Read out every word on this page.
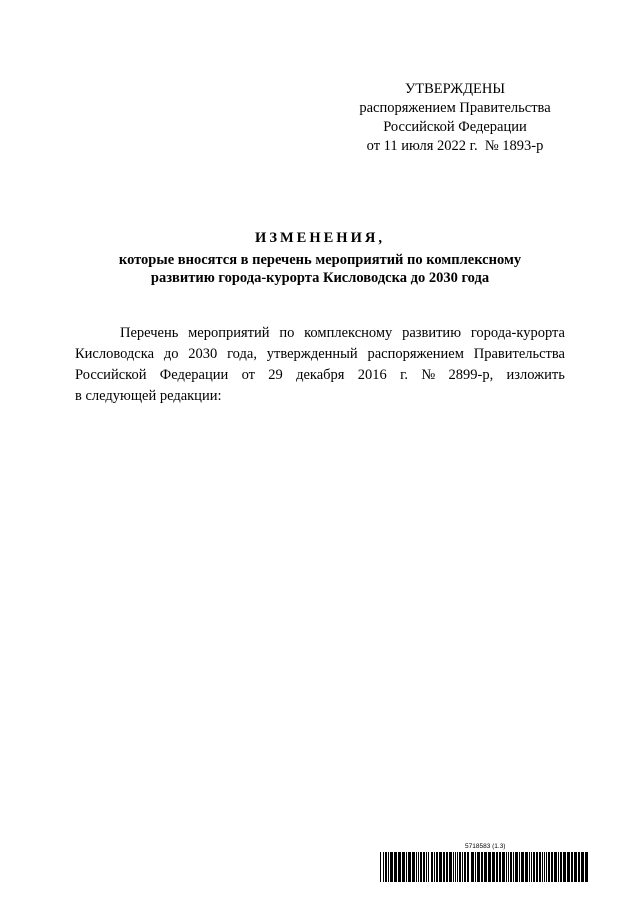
УТВЕРЖДЕНЫ
распоряжением Правительства
Российской Федерации
от 11 июля 2022 г.  № 1893-р
ИЗМЕНЕНИЯ,
которые вносятся в перечень мероприятий по комплексному
развитию города-курорта Кисловодска до 2030 года
Перечень мероприятий по комплексному развитию города-курорта
Кисловодска до 2030 года, утвержденный распоряжением Правительства
Российской Федерации от 29 декабря 2016 г. № 2899-р, изложить
в следующей редакции:
5718583 (1.3)
